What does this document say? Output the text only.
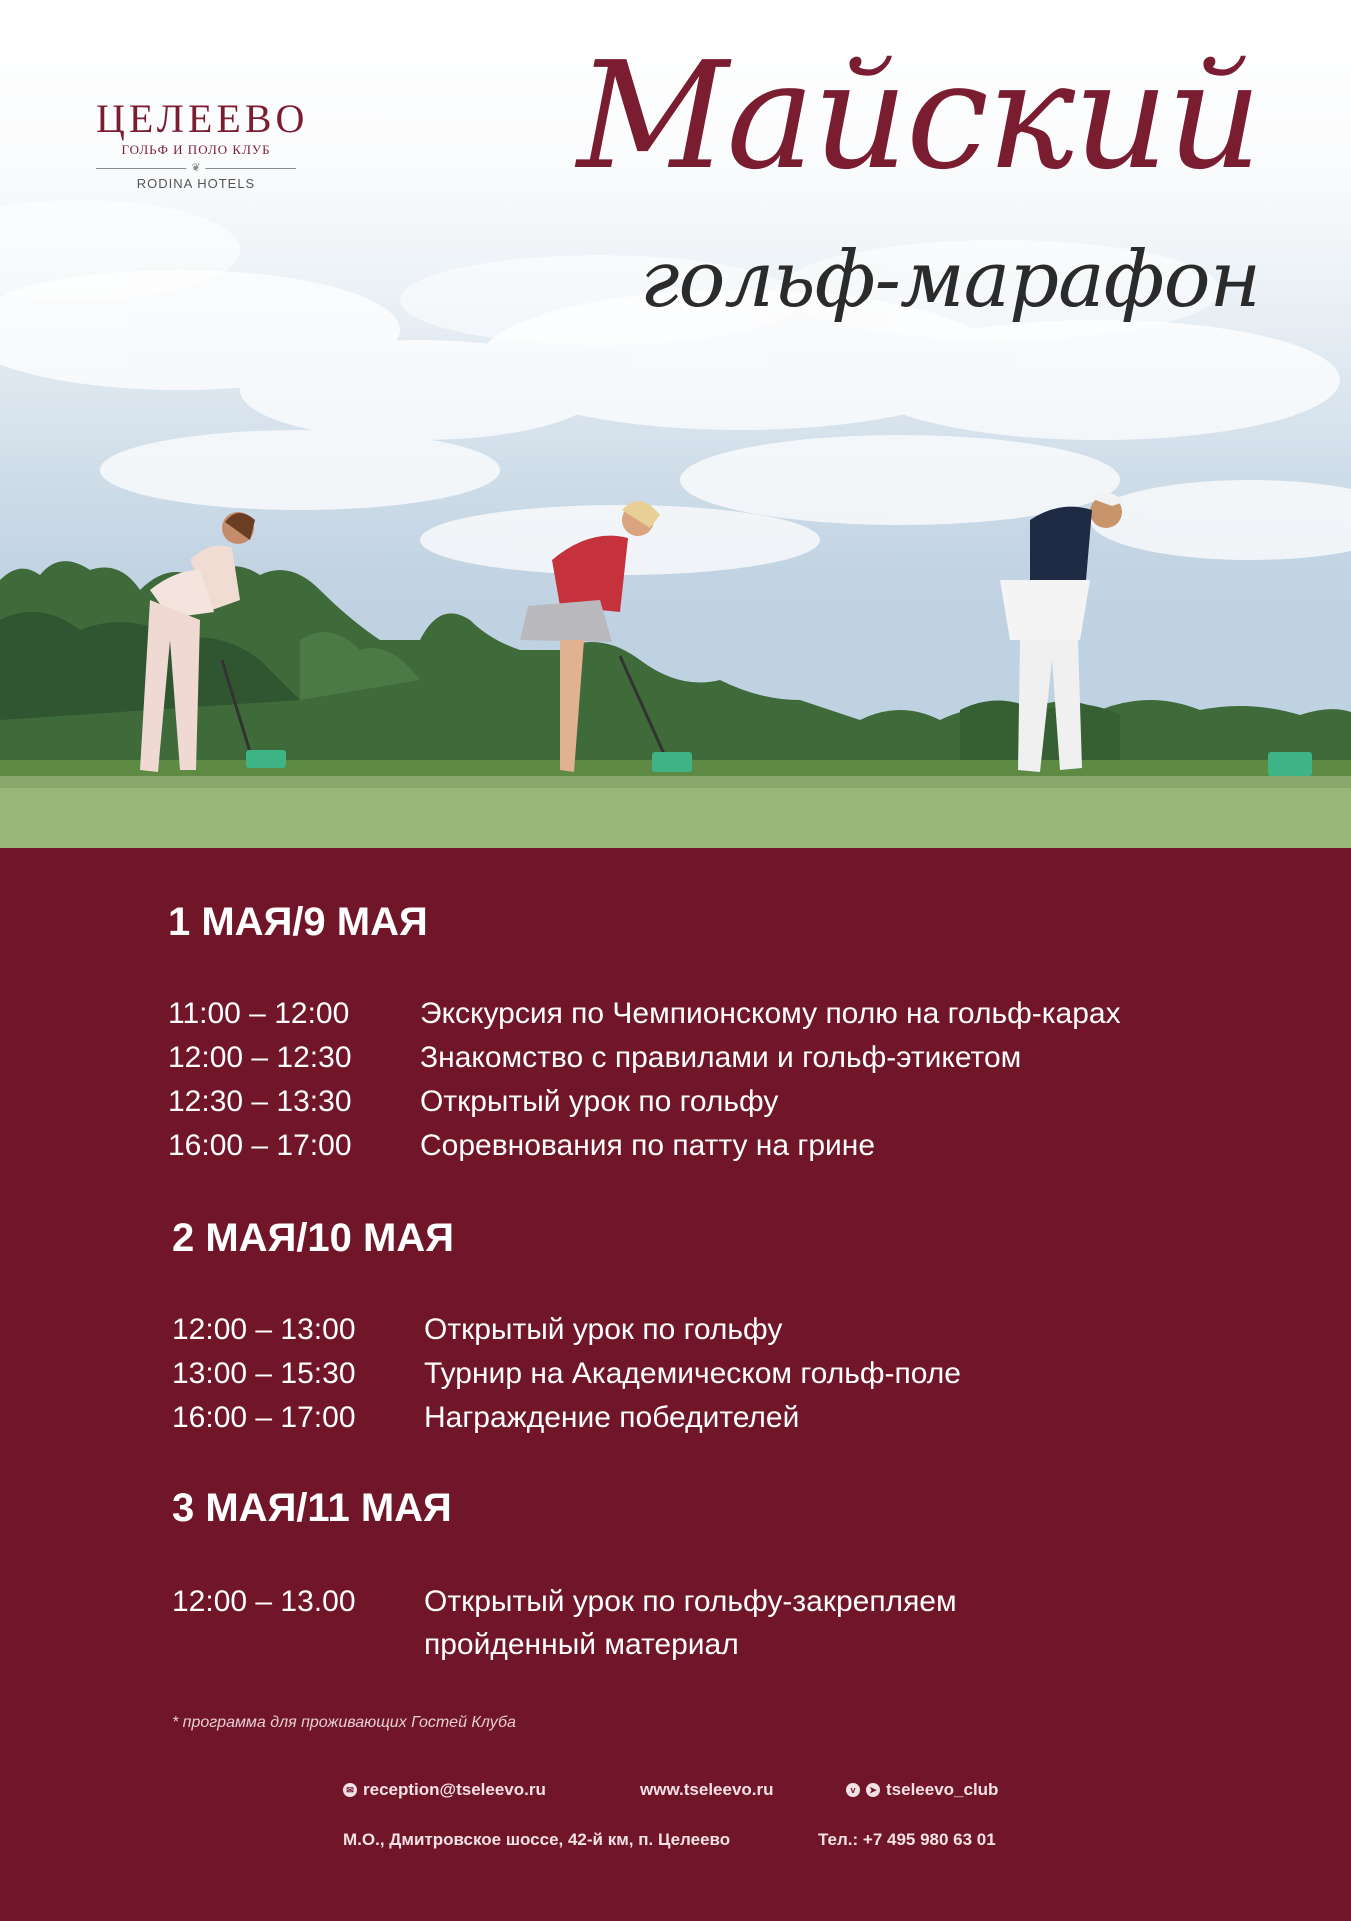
ЦЕЛЕЕВО
ГОЛЬФ И ПОЛО КЛУБ
❦
RODINA HOTELS Майский
гольф-марафон
1 МАЯ/9 МАЯ
11:00 – 12:00 Экскурсия по Чемпионскому полю на гольф-карах
12:00 – 12:30 Знакомство с правилами и гольф-этикетом
12:30 – 13:30 Открытый урок по гольфу
16:00 – 17:00 Соревнования по патту на грине
2 МАЯ/10 МАЯ
12:00 – 13:00 Открытый урок по гольфу
13:00 – 15:30 Турнир на Академическом гольф-поле
16:00 – 17:00 Награждение победителей
3 МАЯ/11 МАЯ
12:00 – 13.00 Открытый урок по гольфу-закрепляем
пройденный материал
* программа для проживающих Гостей Клуба
✉ reception@tseleevo.ru	www.tseleevo.ru	v	➤ tseleevo_club
М.О., Дмитровское шоссе, 42-й км, п. Целеево	Тел.: +7 495 980 63 01
